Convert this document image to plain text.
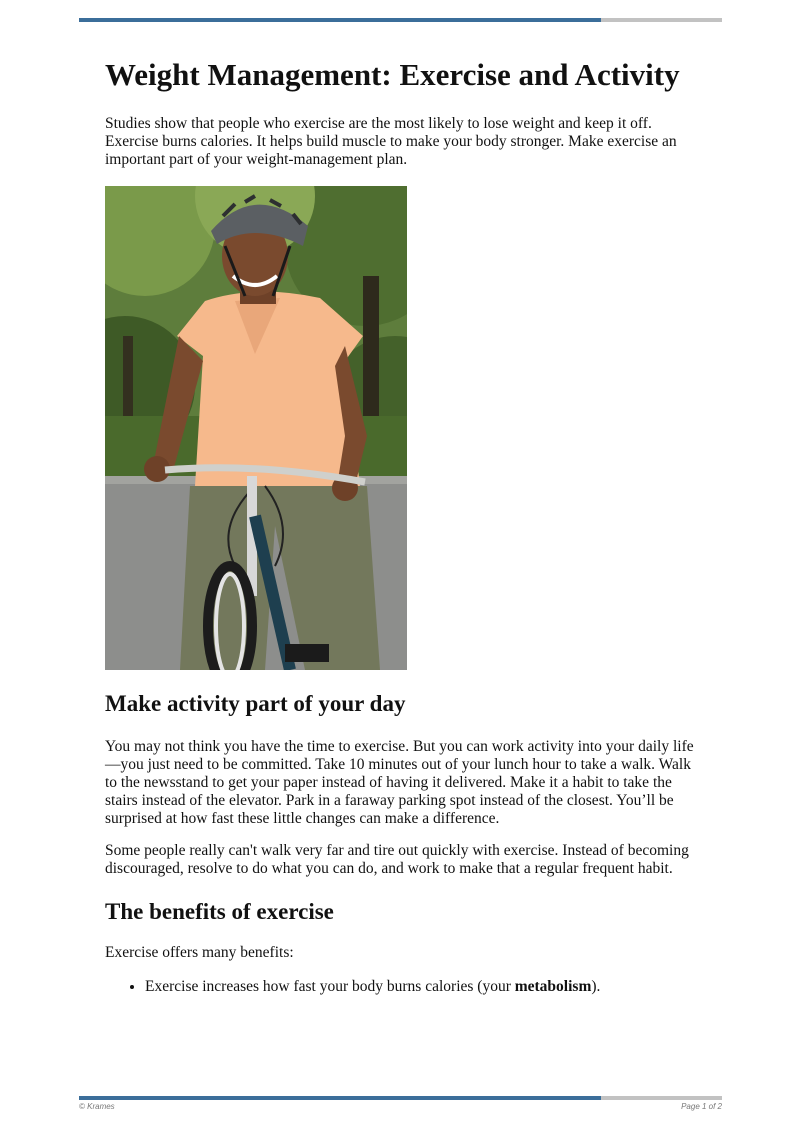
Weight Management: Exercise and Activity

Studies show that people who exercise are the most likely to lose weight and keep it off. Exercise burns calories. It helps build muscle to make your body stronger. Make exercise an important part of your weight-management plan.

Make activity part of your day

You may not think you have the time to exercise. But you can work activity into your daily life—you just need to be committed. Take 10 minutes out of your lunch hour to take a walk. Walk to the newsstand to get your paper instead of having it delivered. Make it a habit to take the stairs instead of the elevator. Park in a faraway parking spot instead of the closest. You’ll be surprised at how fast these little changes can make a difference.

Some people really can't walk very far and tire out quickly with exercise. Instead of becoming discouraged, resolve to do what you can do, and work to make that a regular frequent habit.

The benefits of exercise

Exercise offers many benefits:

• Exercise increases how fast your body burns calories (your metabolism).
© Krames	Page 1 of 2
